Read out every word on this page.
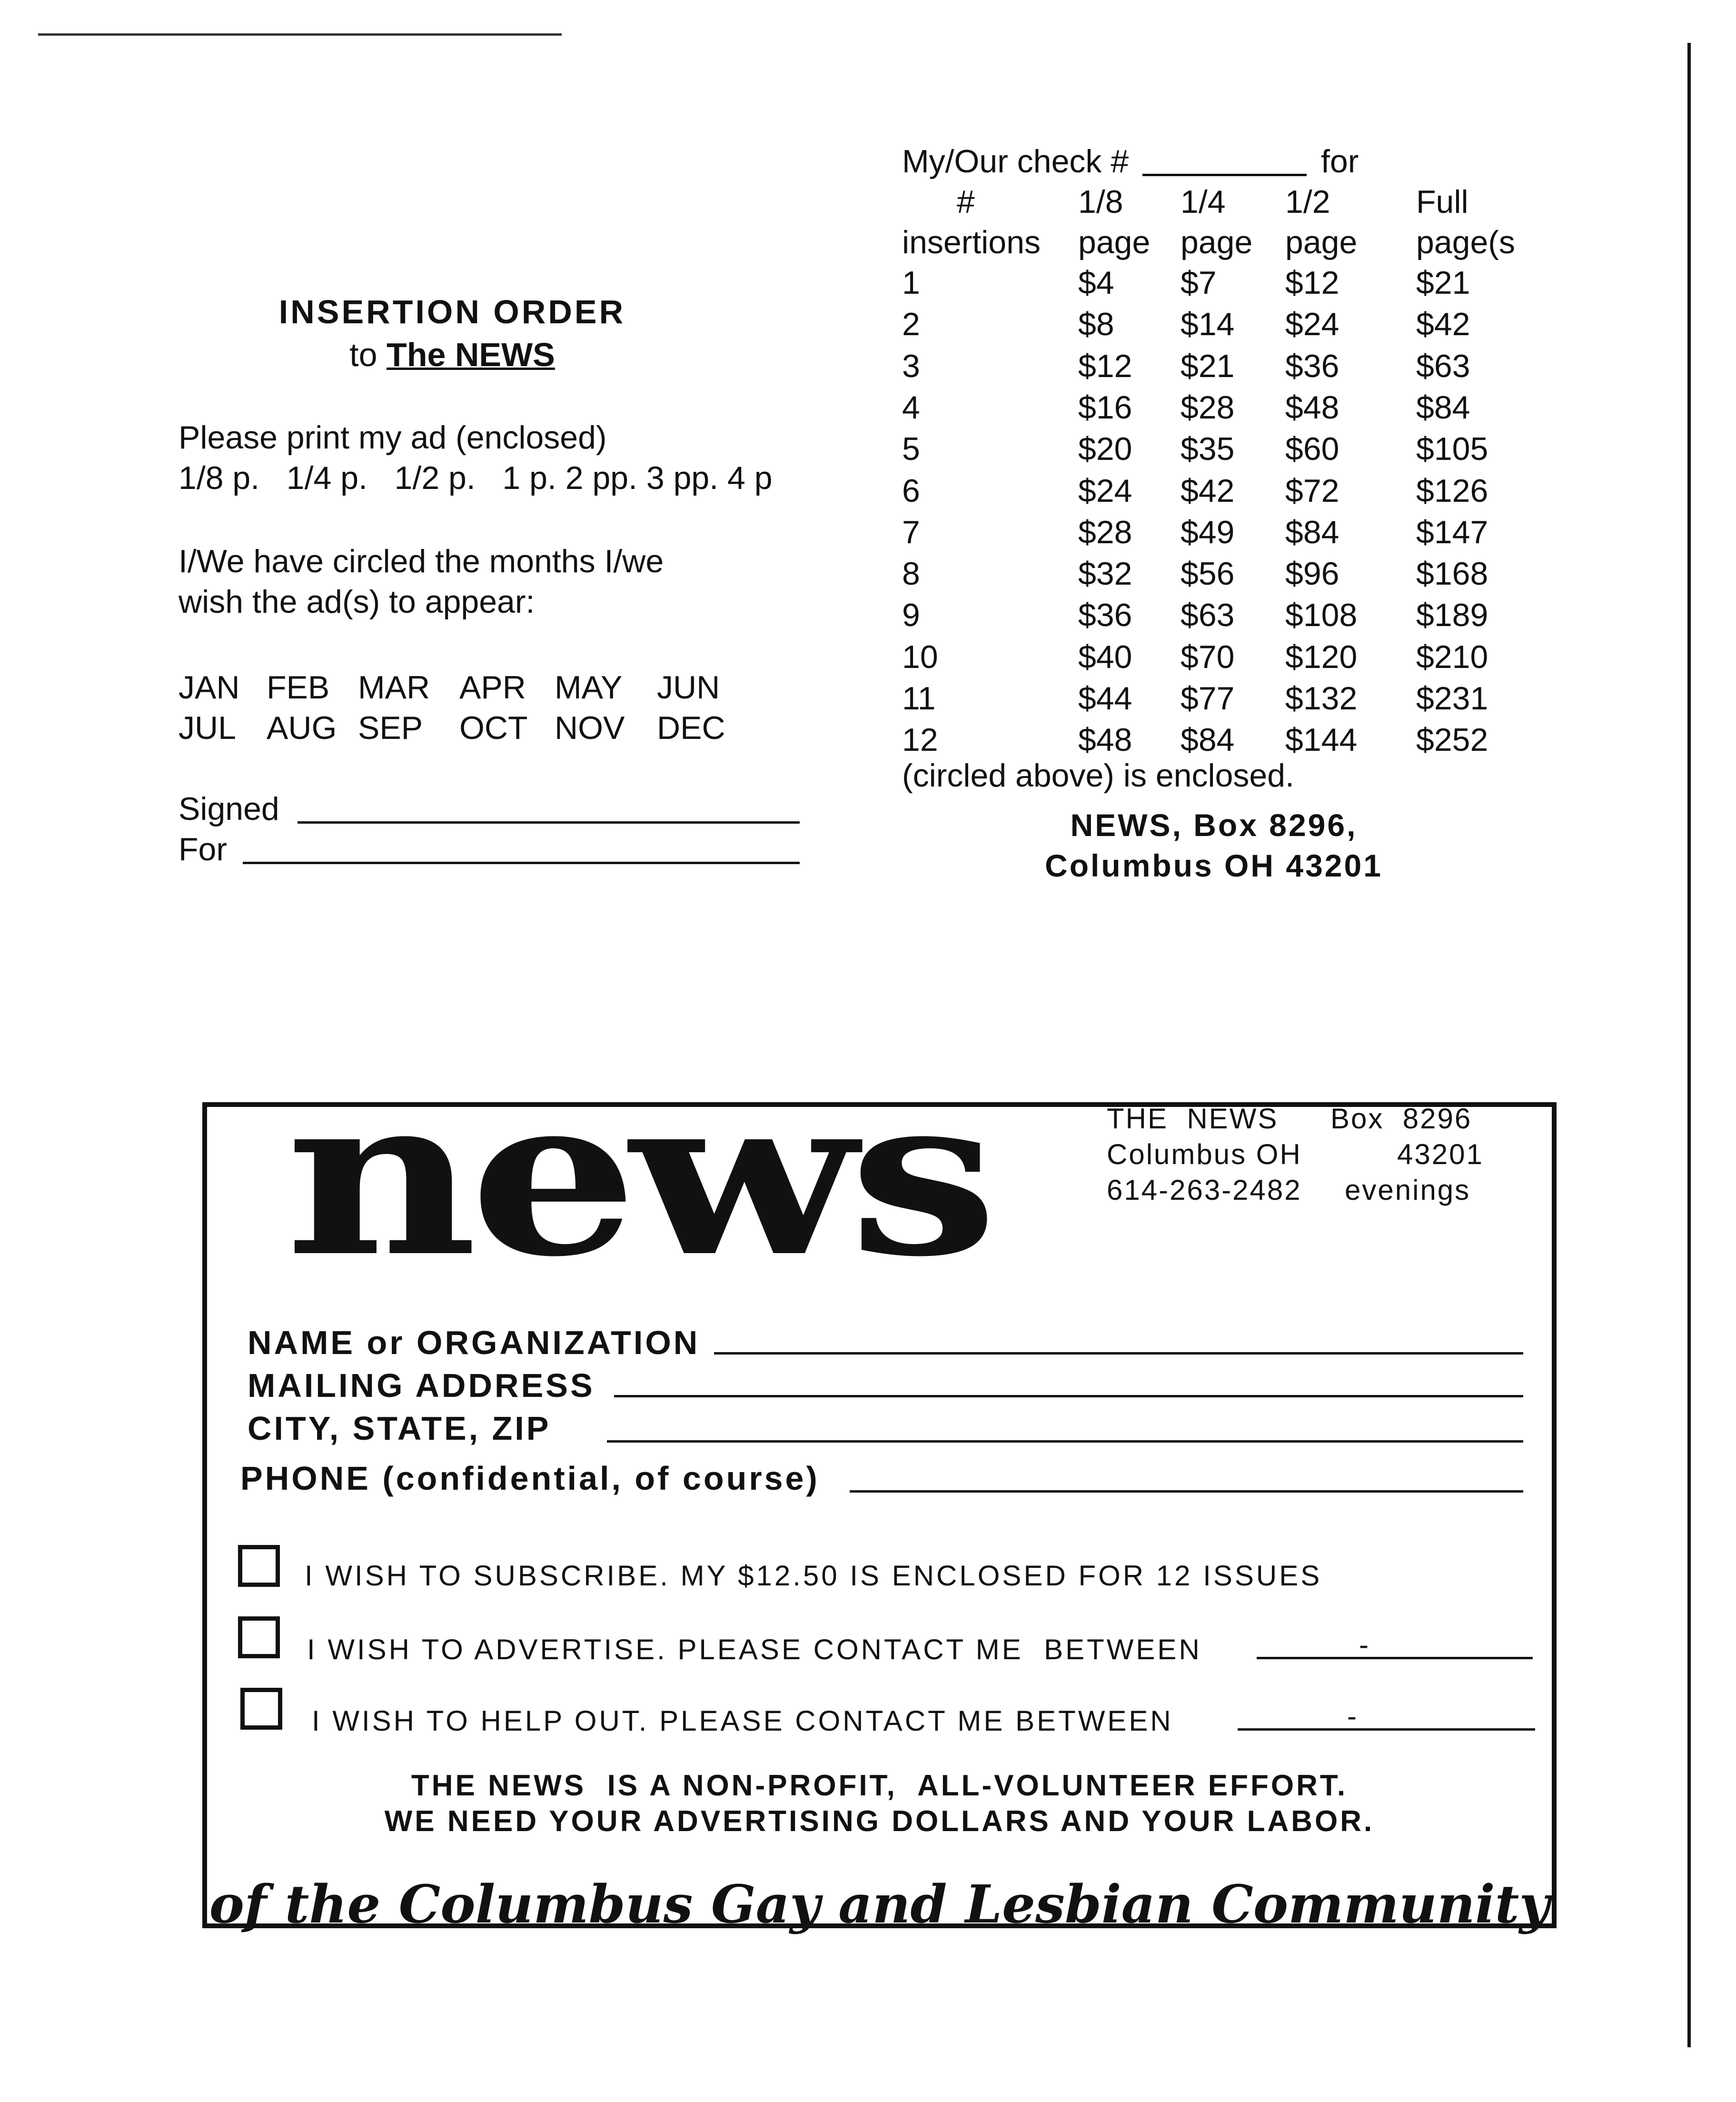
INSERTION ORDER
to The NEWS
Please print my ad (enclosed)
1/8 p.   1/4 p.   1/2 p.   1 p. 2 pp. 3 pp. 4 p
I/We have circled the months I/we
wish the ad(s) to appear:
JAN FEB MAR APR MAY JUN
JUL AUG SEP OCT NOV DEC
Signed
For
My/Our check #	for
#	1/8 1/4 1/2	Full
insertions page page page page(s
1	$4 $7 $12 $21
2	$8 $14 $24 $42
3	$12 $21 $36 $63
4	$16 $28 $48 $84
5	$20 $35 $60 $105
6	$24 $42 $72 $126
7	$28 $49 $84 $147
8	$32 $56 $96 $168
9	$36 $63 $108 $189
10	$40 $70 $120 $210
11	$44 $77 $132 $231
12	$48 $84 $144 $252
(circled above) is enclosed.
NEWS, Box 8296,
Columbus OH 43201
news	THE  NEWS Box  8296
Columbus OH	43201
614-263-2482 evenings
NAME or ORGANIZATION
MAILING ADDRESS
CITY, STATE, ZIP
PHONE (confidential, of course)
I WISH TO SUBSCRIBE. MY $12.50 IS ENCLOSED FOR 12 ISSUES
I WISH TO ADVERTISE. PLEASE CONTACT ME  BETWEEN	-
I WISH TO HELP OUT. PLEASE CONTACT ME BETWEEN	-
THE NEWS  IS A NON-PROFIT,  ALL-VOLUNTEER EFFORT.
WE NEED YOUR ADVERTISING DOLLARS AND YOUR LABOR.
of the Columbus Gay and Lesbian Community
